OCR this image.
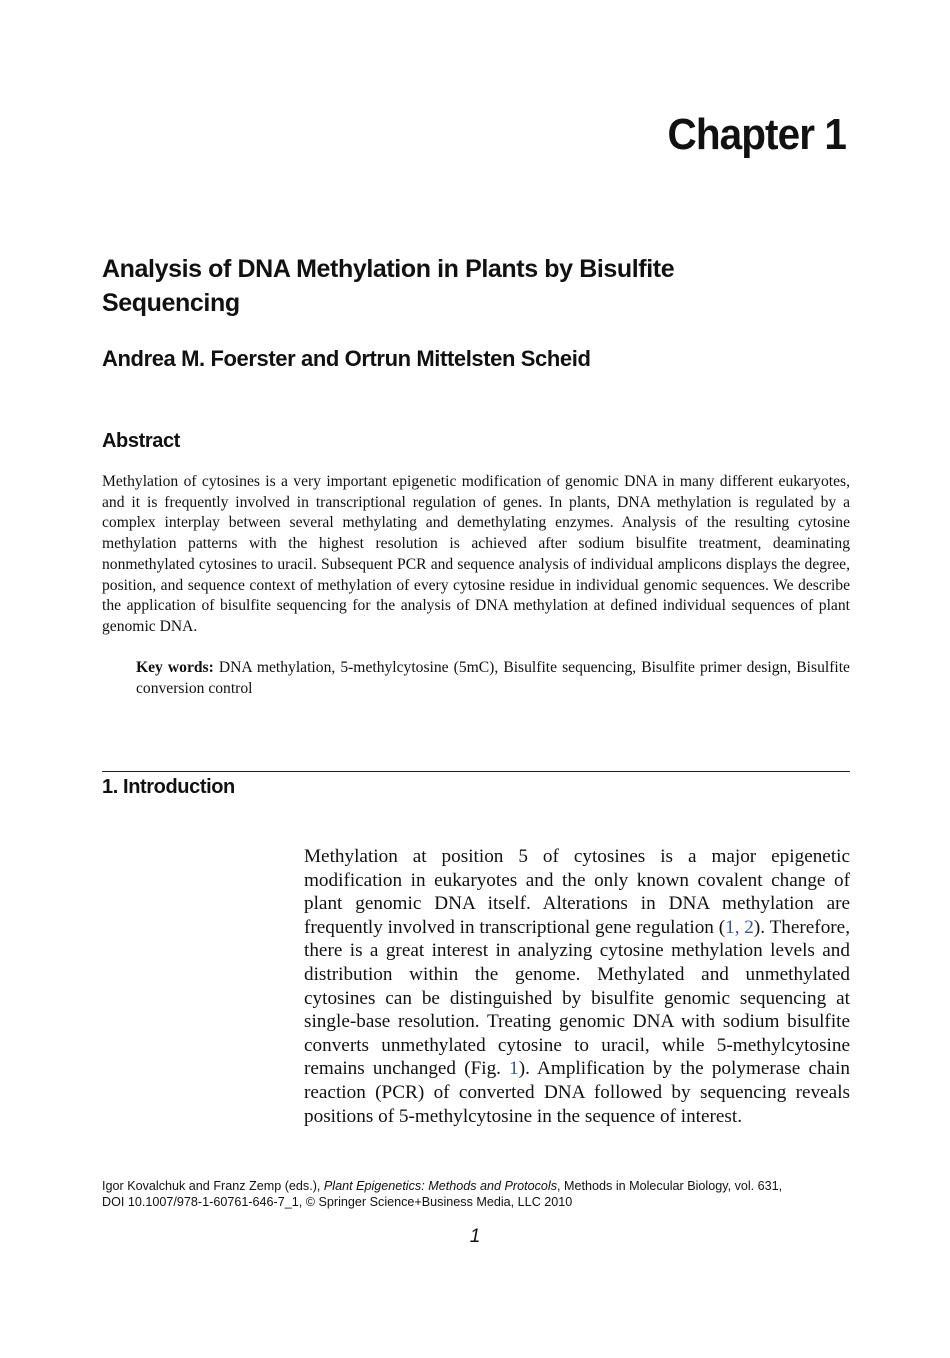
Chapter 1
Analysis of DNA Methylation in Plants by Bisulfite Sequencing

Andrea M. Foerster and Ortrun Mittelsten Scheid

Abstract

Methylation of cytosines is a very important epigenetic modification of genomic DNA in many different eukaryotes, and it is frequently involved in transcriptional regulation of genes. In plants, DNA methylation is regulated by a complex interplay between several methylating and demethylating enzymes. Analysis of the resulting cytosine methylation patterns with the highest resolution is achieved after sodium bisulfite treatment, deaminating nonmethylated cytosines to uracil. Subsequent PCR and sequence analysis of individual amplicons displays the degree, position, and sequence context of methylation of every cytosine residue in individual genomic sequences. We describe the application of bisulfite sequencing for the analysis of DNA methylation at defined individual sequences of plant genomic DNA.

Key words: DNA methylation, 5-methylcytosine (5mC), Bisulfite sequencing, Bisulfite primer design, Bisulfite conversion control

1. Introduction

Methylation at position 5 of cytosines is a major epigenetic modification in eukaryotes and the only known covalent change of plant genomic DNA itself. Alterations in DNA methylation are frequently involved in transcriptional gene regulation (1, 2). Therefore, there is a great interest in analyzing cytosine methylation levels and distribution within the genome. Methylated and unmethylated cytosines can be distinguished by bisulfite genomic sequencing at single-base resolution. Treating genomic DNA with sodium bisulfite converts unmethylated cytosine to uracil, while 5-methylcytosine remains unchanged (Fig. 1). Amplification by the polymerase chain reaction (PCR) of converted DNA followed by sequencing reveals positions of 5-methylcytosine in the sequence of interest.

Igor Kovalchuk and Franz Zemp (eds.), Plant Epigenetics: Methods and Protocols, Methods in Molecular Biology, vol. 631,
DOI 10.1007/978-1-60761-646-7_1, © Springer Science+Business Media, LLC 2010

1
